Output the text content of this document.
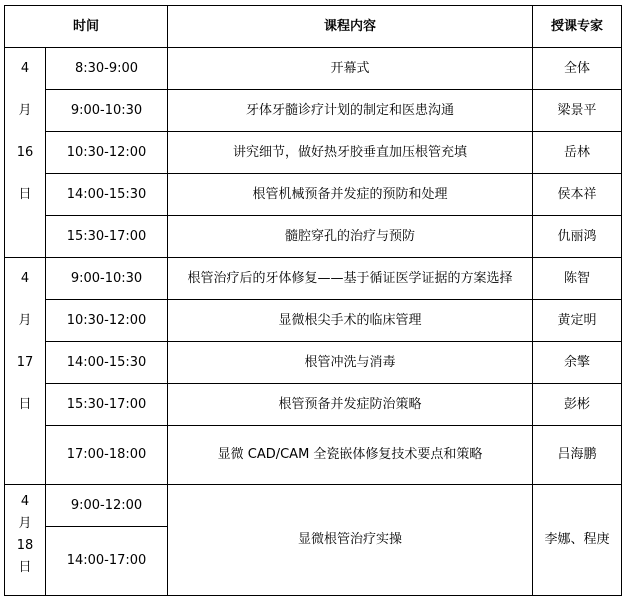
时间		课程内容	授课专家

4
月
16
日	8:30-9:00	开幕式	全体
	9:00-10:30	牙体牙髓诊疗计划的制定和医患沟通	梁景平
	10:30-12:00	讲究细节，做好热牙胶垂直加压根管充填	岳林
	14:00-15:30	根管机械预备并发症的预防和处理	侯本祥
	15:30-17:00	髓腔穿孔的治疗与预防	仇丽鸿

4
月
17
日	9:00-10:30	根管治疗后的牙体修复——基于循证医学证据的方案选择	陈智
	10:30-12:00	显微根尖手术的临床管理	黄定明
	14:00-15:30	根管冲洗与消毒	余擎
	15:30-17:00	根管预备并发症防治策略	彭彬
	17:00-18:00	显微 CAD/CAM 全瓷嵌体修复技术要点和策略	吕海鹏

4
月
18
日	9:00-12:00	显微根管治疗实操	李娜、程庚
	14:00-17:00		
